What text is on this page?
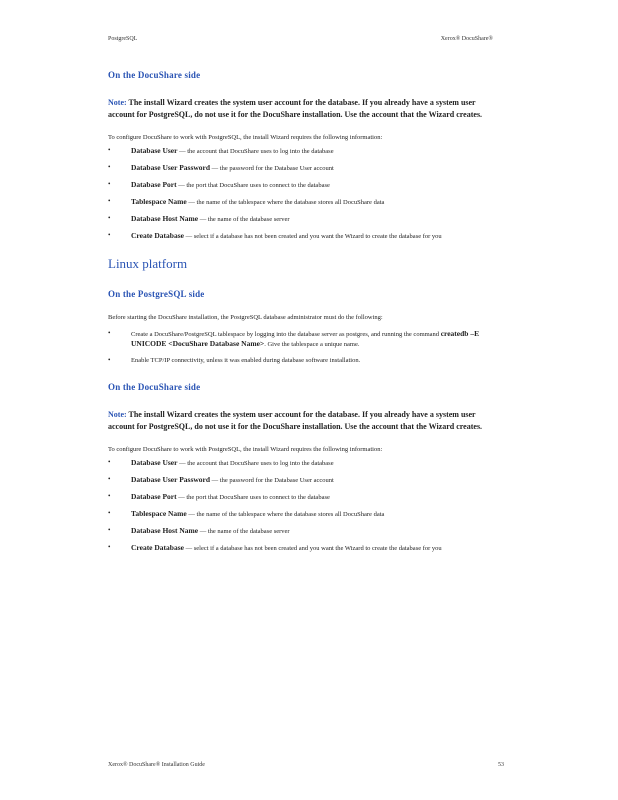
PostgreSQL	Xerox® DocuShare®
On the DocuShare side

Note: The install Wizard creates the system user account for the database. If you already have a system user account for PostgreSQL, do not use it for the DocuShare installation. Use the account that the Wizard creates.

To configure DocuShare to work with PostgreSQL, the install Wizard requires the following information:

• Database User — the account that DocuShare uses to log into the database
• Database User Password — the password for the Database User account
• Database Port — the port that DocuShare uses to connect to the database
• Tablespace Name — the name of the tablespace where the database stores all DocuShare data
• Database Host Name — the name of the database server
• Create Database — select if a database has not been created and you want the Wizard to create the database for you
Linux platform
On the PostgreSQL side

Before starting the DocuShare installation, the PostgreSQL database administrator must do the following:

• Create a DocuShare/PostgreSQL tablespace by logging into the database server as postgres, and running the command createdb –E UNICODE <DocuShare Database Name>. Give the tablespace a unique name.
• Enable TCP/IP connectivity, unless it was enabled during database software installation.
On the DocuShare side

Note: The install Wizard creates the system user account for the database. If you already have a system user account for PostgreSQL, do not use it for the DocuShare installation. Use the account that the Wizard creates.

To configure DocuShare to work with PostgreSQL, the install Wizard requires the following information:

• Database User — the account that DocuShare uses to log into the database
• Database User Password — the password for the Database User account
• Database Port — the port that DocuShare uses to connect to the database
• Tablespace Name — the name of the tablespace where the database stores all DocuShare data
• Database Host Name — the name of the database server
• Create Database — select if a database has not been created and you want the Wizard to create the database for you
Xerox® DocuShare® Installation Guide	53
